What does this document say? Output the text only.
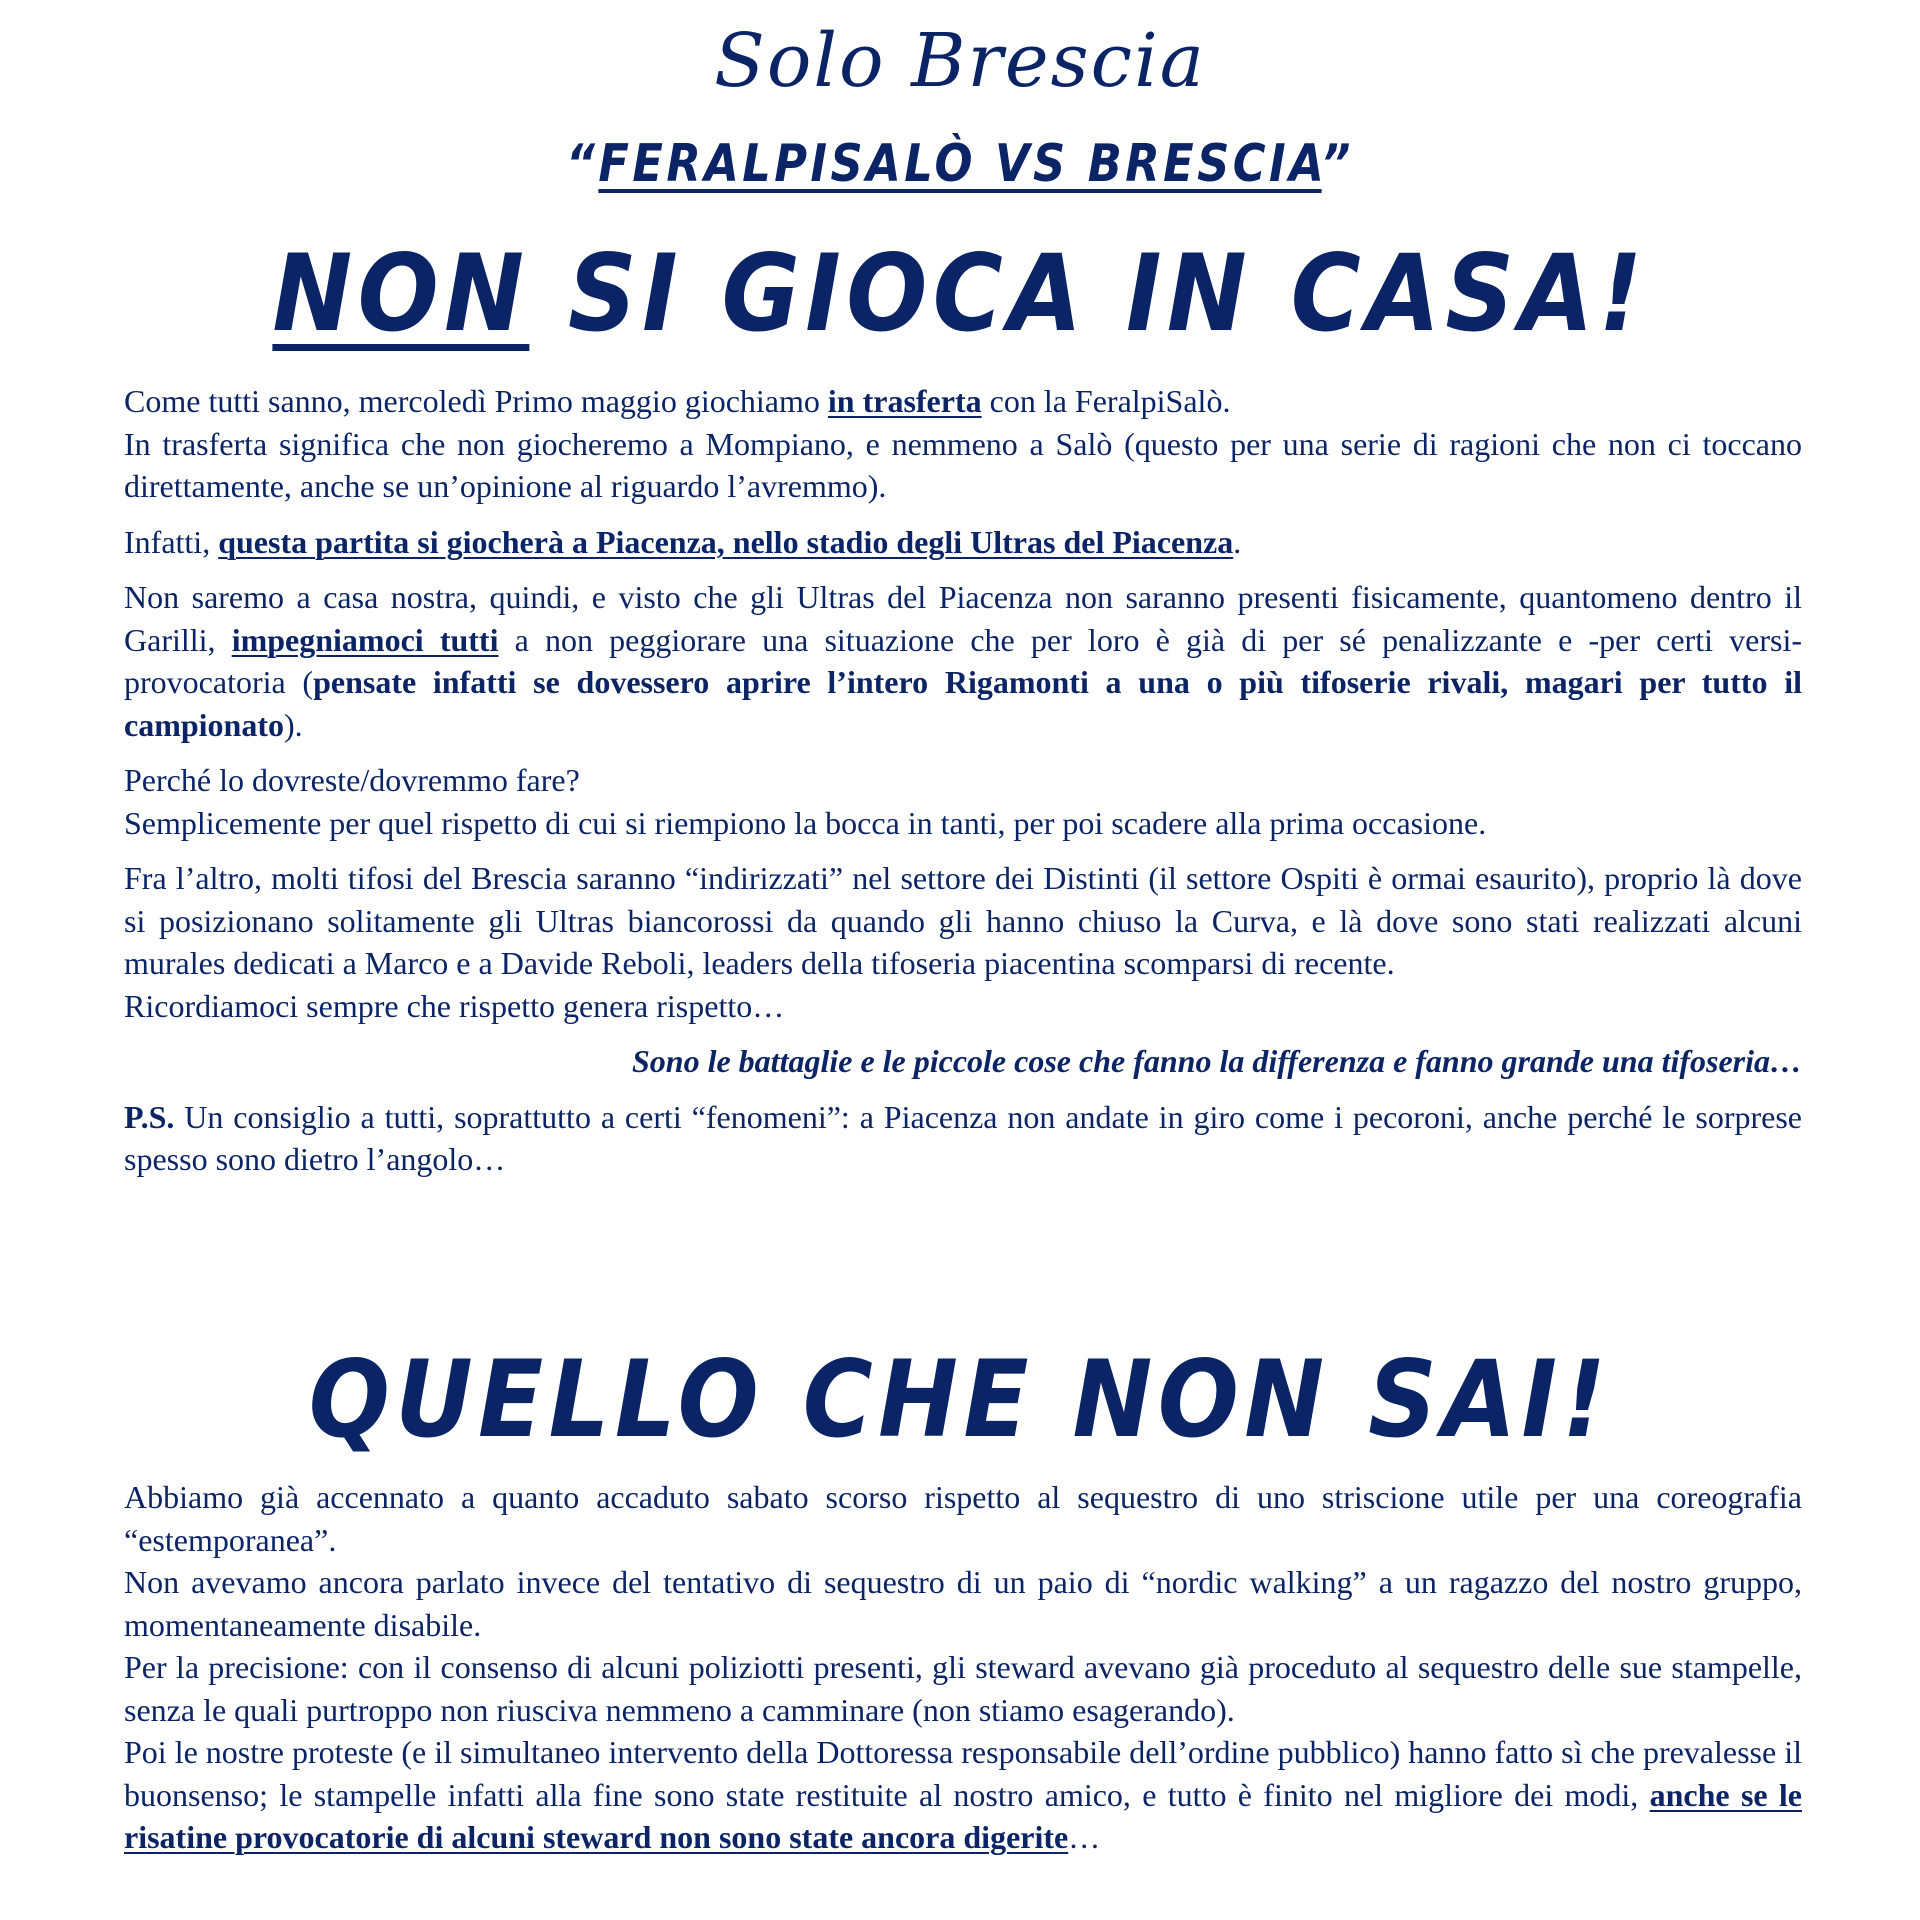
Solo Brescia
“FERALPISALÒ VS BRESCIA”
NON SI GIOCA IN CASA!

Come tutti sanno, mercoledì Primo maggio giochiamo in trasferta con la FeralpiSalò.
In trasferta significa che non giocheremo a Mompiano, e nemmeno a Salò (questo per una serie di ragioni che non ci toccano direttamente, anche se un’opinione al riguardo l’avremmo).

Infatti, questa partita si giocherà a Piacenza, nello stadio degli Ultras del Piacenza.

Non saremo a casa nostra, quindi, e visto che gli Ultras del Piacenza non saranno presenti fisicamente, quantomeno dentro il Garilli, impegniamoci tutti a non peggiorare una situazione che per loro è già di per sé penalizzante e -per certi versi- provocatoria (pensate infatti se dovessero aprire l’intero Rigamonti a una o più tifoserie rivali, magari per tutto il campionato).

Perché lo dovreste/dovremmo fare?
Semplicemente per quel rispetto di cui si riempiono la bocca in tanti, per poi scadere alla prima occasione.

Fra l’altro, molti tifosi del Brescia saranno “indirizzati” nel settore dei Distinti (il settore Ospiti è ormai esaurito), proprio là dove si posizionano solitamente gli Ultras biancorossi da quando gli hanno chiuso la Curva, e là dove sono stati realizzati alcuni murales dedicati a Marco e a Davide Reboli, leaders della tifoseria piacentina scomparsi di recente.
Ricordiamoci sempre che rispetto genera rispetto…

Sono le battaglie e le piccole cose che fanno la differenza e fanno grande una tifoseria…

P.S. Un consiglio a tutti, soprattutto a certi “fenomeni”: a Piacenza non andate in giro come i pecoroni, anche perché le sorprese spesso sono dietro l’angolo…

QUELLO CHE NON SAI!

Abbiamo già accennato a quanto accaduto sabato scorso rispetto al sequestro di uno striscione utile per una coreografia “estemporanea”.
Non avevamo ancora parlato invece del tentativo di sequestro di un paio di “nordic walking” a un ragazzo del nostro gruppo, momentaneamente disabile.
Per la precisione: con il consenso di alcuni poliziotti presenti, gli steward avevano già proceduto al sequestro delle sue stampelle, senza le quali purtroppo non riusciva nemmeno a camminare (non stiamo esagerando).
Poi le nostre proteste (e il simultaneo intervento della Dottoressa responsabile dell’ordine pubblico) hanno fatto sì che prevalesse il buonsenso; le stampelle infatti alla fine sono state restituite al nostro amico, e tutto è finito nel migliore dei modi, anche se le risatine provocatorie di alcuni steward non sono state ancora digerite…
